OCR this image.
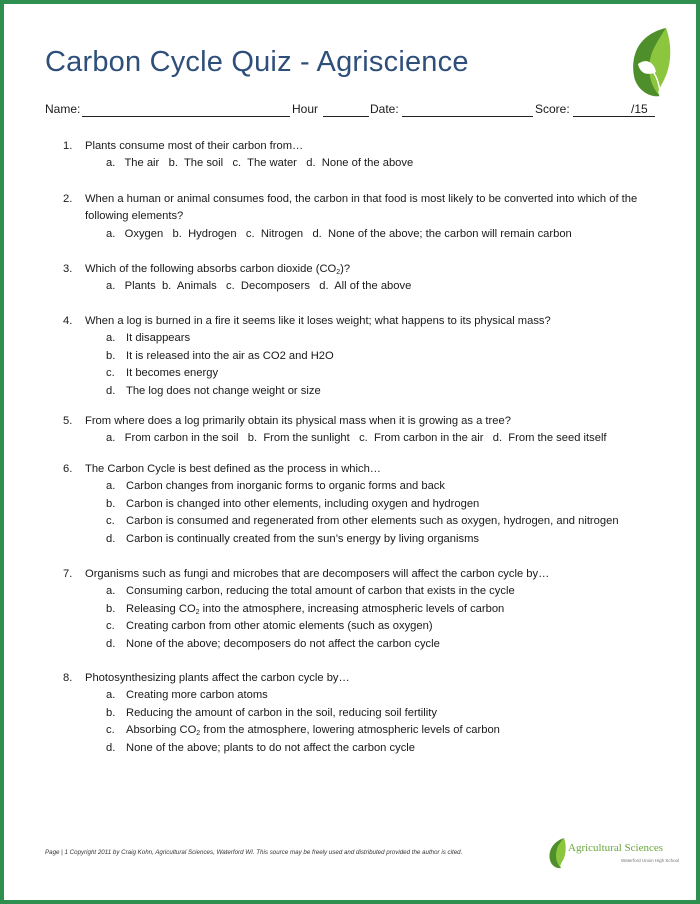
Carbon Cycle Quiz - Agriscience
Name:	Hour	Date:	Score:	/15
1. Plants consume most of their carbon from…
a.   The air   b.  The soil   c.  The water   d.  None of the above
2. When a human or animal consumes food, the carbon in that food is most likely to be converted into which of the following elements?
a.   Oxygen   b.  Hydrogen   c.  Nitrogen   d.  None of the above; the carbon will remain carbon
3. Which of the following absorbs carbon dioxide $(CO_2)$?
a.   Plants  b.  Animals   c.  Decomposers   d.  All of the above
4. When a log is burned in a fire it seems like it loses weight; what happens to its physical mass?
a. It disappears
b. It is released into the air as CO2 and H2O
c. It becomes energy
d. The log does not change weight or size
5. From where does a log primarily obtain its physical mass when it is growing as a tree?
a.   From carbon in the soil   b.  From the sunlight   c.  From carbon in the air   d.  From the seed itself
6. The Carbon Cycle is best defined as the process in which…
a. Carbon changes from inorganic forms to organic forms and back
b. Carbon is changed into other elements, including oxygen and hydrogen
c. Carbon is consumed and regenerated from other elements such as oxygen, hydrogen, and nitrogen
d. Carbon is continually created from the sun’s energy by living organisms
7. Organisms such as fungi and microbes that are decomposers will affect the carbon cycle by…
a. Consuming carbon, reducing the total amount of carbon that exists in the cycle
b. Releasing $CO_2$ into the atmosphere, increasing atmospheric levels of carbon
c. Creating carbon from other atomic elements (such as oxygen)
d. None of the above; decomposers do not affect the carbon cycle
8. Photosynthesizing plants affect the carbon cycle by…
a. Creating more carbon atoms
b. Reducing the amount of carbon in the soil, reducing soil fertility
c. Absorbing $CO_2$ from the atmosphere, lowering atmospheric levels of carbon
d. None of the above; plants to do not affect the carbon cycle
Page | 1 Copyright 2011 by Craig Kohn, Agricultural Sciences, Waterford WI. This source may be freely used and distributed provided the author is cited.	Agricultural Sciences
Waterford Union High School
